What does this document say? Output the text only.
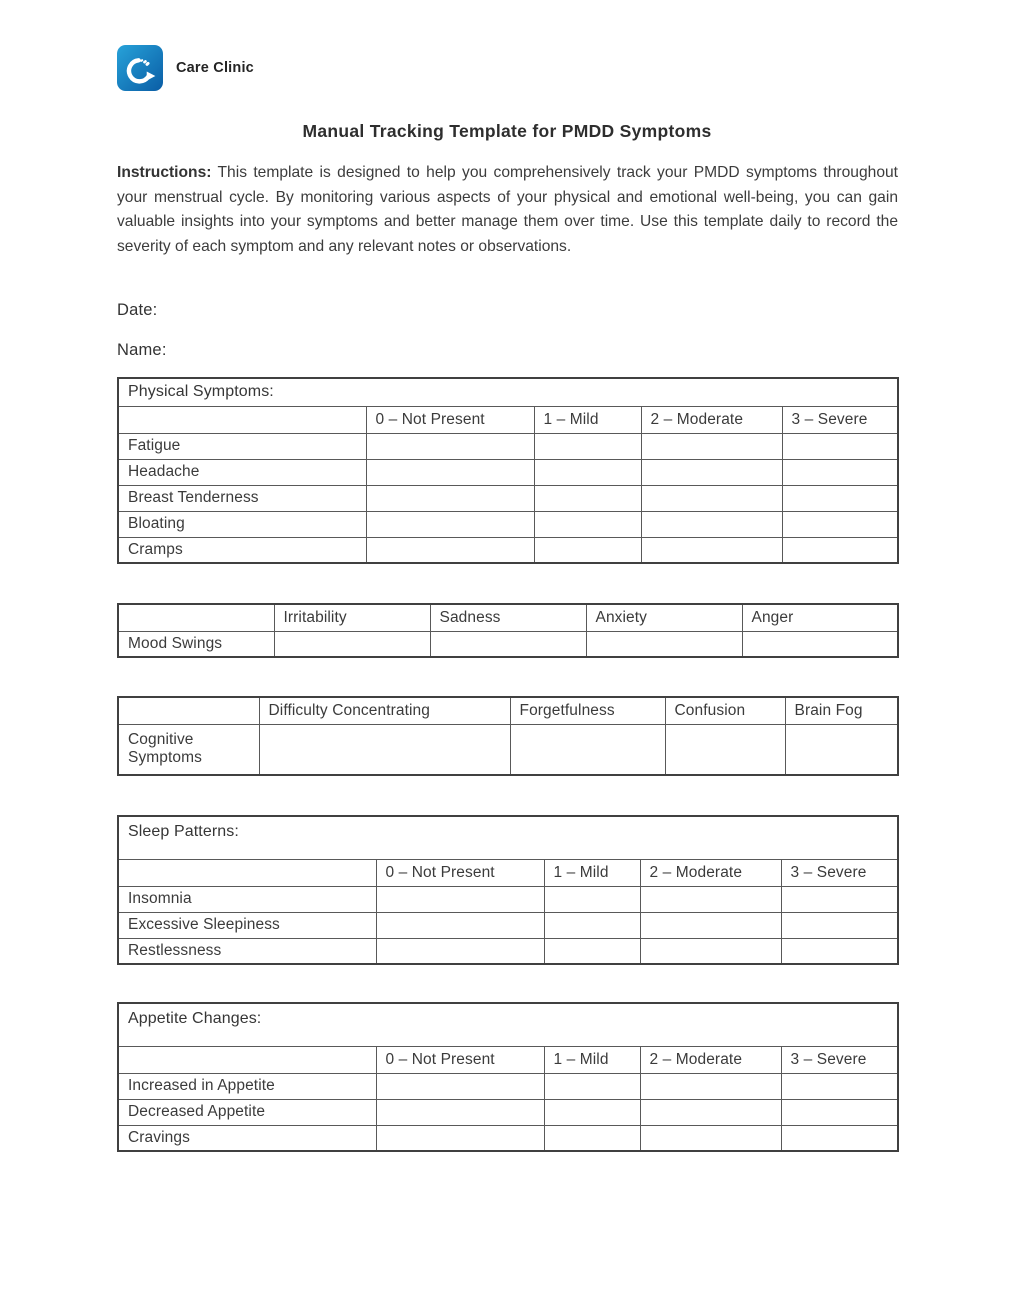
Care Clinic
Manual Tracking Template for PMDD Symptoms

Instructions: This template is designed to help you comprehensively track your PMDD symptoms throughout your menstrual cycle. By monitoring various aspects of your physical and emotional well-being, you can gain valuable insights into your symptoms and better manage them over time. Use this template daily to record the severity of each symptom and any relevant notes or observations.

Date:
Name:
Physical Symptoms:				
	0 – Not Present	1 – Mild	2 – Moderate	3 – Severe
Fatigue				
Headache				
Breast Tenderness				
Bloating				
Cramps				
	Irritability	Sadness	Anxiety	Anger
Mood Swings				
	Difficulty Concentrating	Forgetfulness	Confusion	Brain Fog
Cognitive Symptoms				
Sleep Patterns:				
	0 – Not Present	1 – Mild	2 – Moderate	3 – Severe
Insomnia				
Excessive Sleepiness				
Restlessness				
Appetite Changes:				
	0 – Not Present	1 – Mild	2 – Moderate	3 – Severe
Increased in Appetite				
Decreased Appetite				
Cravings				
